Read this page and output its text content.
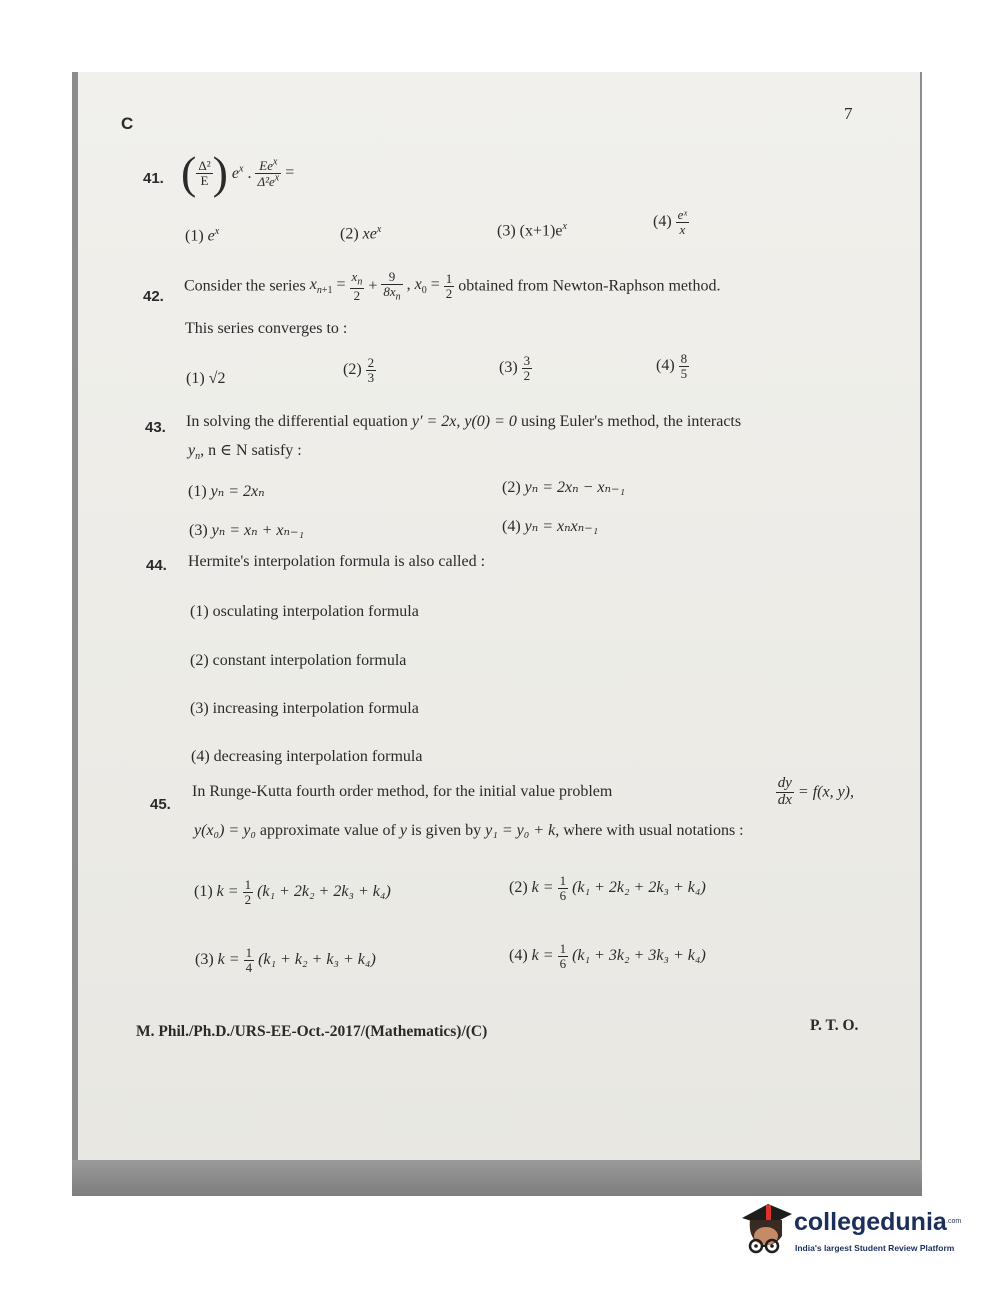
C
7
41. ( $\frac{\text{Δ²}}{E}$ ) $e^x$ . $\frac{Ee^x}{\Delta^2e^x}$ =
(1) $e^x$	(2) $xe^x$	(3) $(x+1)e^x$	$(4) \frac{\text{eˣ}}{x}$
42.
Consider the series $x_{n+1} = \frac{x_n}{2} + \frac{9}{8x_n}$ , $x_0 = \frac{1}{2}$ obtained from Newton-Raphson method.
This series converges to :
(1) √2
$(2) \frac{2}{3}$	$(3) \frac{3}{2}$	$(4) \frac{8}{5}$
43. In solving the differential equation y′ = 2x, y(0) = 0 using Euler's method, the interacts
$y_n$, n ∈ N satisfy :
(1) yₙ = 2xₙ	(2) yₙ = 2xₙ − xₙ₋₁
(3) yₙ = xₙ + xₙ₋₁	(4) yₙ = xₙxₙ₋₁
44. Hermite's interpolation formula is also called :
(1) osculating interpolation formula
(2) constant interpolation formula
(3) increasing interpolation formula
(4) decreasing interpolation formula
45.
In Runge-Kutta fourth order method, for the initial value problem	$\frac{dy}{dx} = f(x$, y),
y(x₀) = y₀ approximate value of y is given by y₁ = y₀ + k, where with usual notations :
(1) $k = \frac{1}{2} (k_1 + 2k_2 + 2k_3 + k_4)$	(2) $k = \frac{1}{6} (k_1 + 2k_2 + 2k_3 + k_4)$
(3) $k = \frac{1}{4} (k_1 + k_2 + k_3 + k_4)$	(4) $k = \frac{1}{6} (k_1 + 3k_2 + 3k_3 + k_4)$
M. Phil./Ph.D./URS-EE-Oct.-2017/(Mathematics)/(C)	P. T. O.
collegedunia .com
India's largest Student Review Platform
